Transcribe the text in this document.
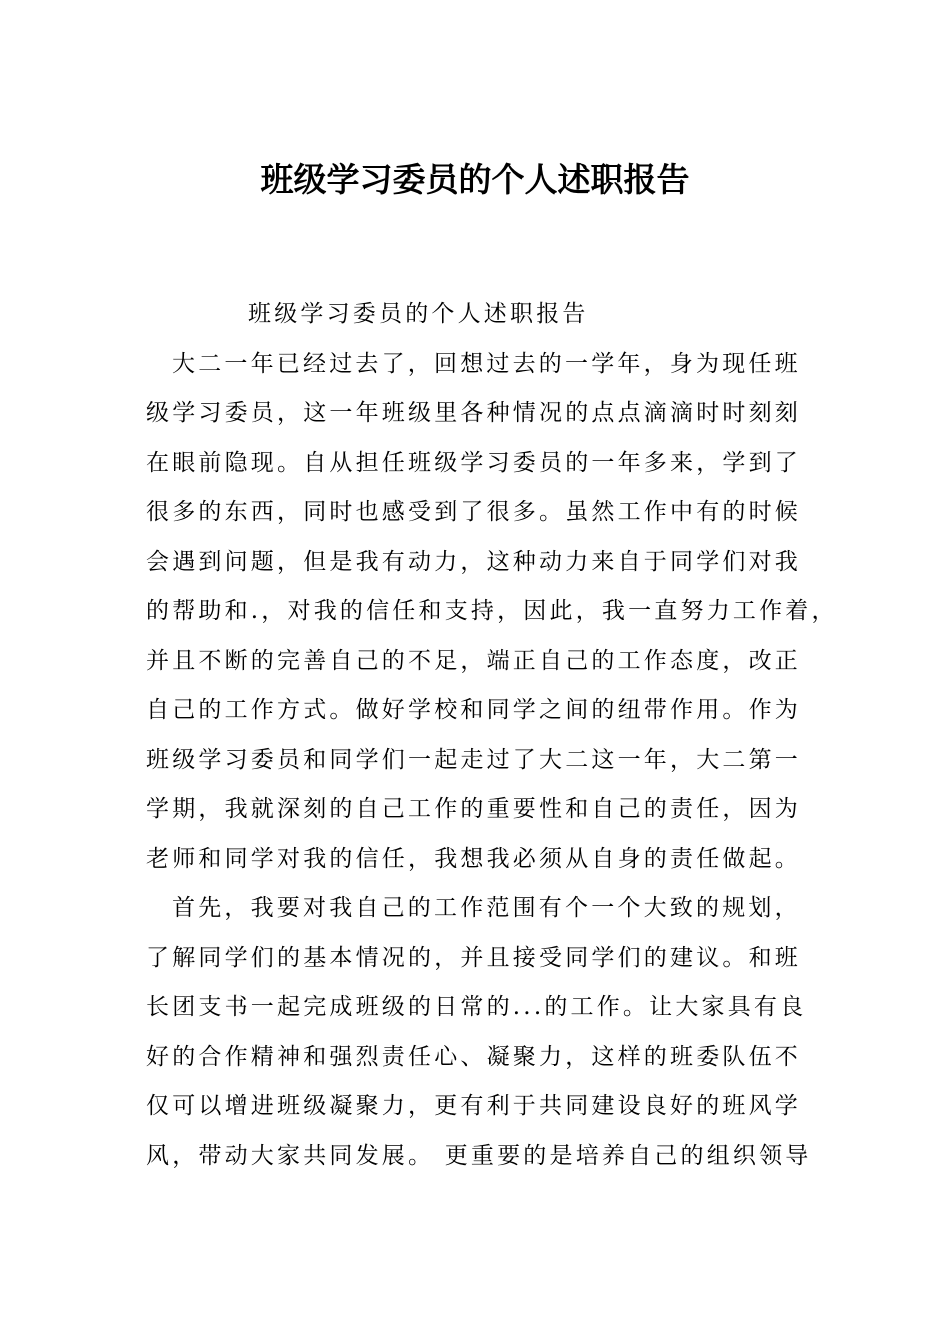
班级学习委员的个人述职报告
班级学习委员的个人述职报告
大二一年已经过去了，回想过去的一学年，身为现任班
级学习委员，这一年班级里各种情况的点点滴滴时时刻刻
在眼前隐现。自从担任班级学习委员的一年多来，学到了
很多的东西，同时也感受到了很多。虽然工作中有的时候
会遇到问题，但是我有动力，这种动力来自于同学们对我
的帮助和.，对我的信任和支持，因此，我一直努力工作着，
并且不断的完善自己的不足，端正自己的工作态度，改正
自己的工作方式。做好学校和同学之间的纽带作用。作为
班级学习委员和同学们一起走过了大二这一年，大二第一
学期，我就深刻的自己工作的重要性和自己的责任，因为
老师和同学对我的信任，我想我必须从自身的责任做起。
首先，我要对我自己的工作范围有个一个大致的规划，
了解同学们的基本情况的，并且接受同学们的建议。和班
长团支书一起完成班级的日常的...的工作。让大家具有良
好的合作精神和强烈责任心、凝聚力，这样的班委队伍不
仅可以增进班级凝聚力，更有利于共同建设良好的班风学
风，带动大家共同发展。 更重要的是培养自己的组织领导
